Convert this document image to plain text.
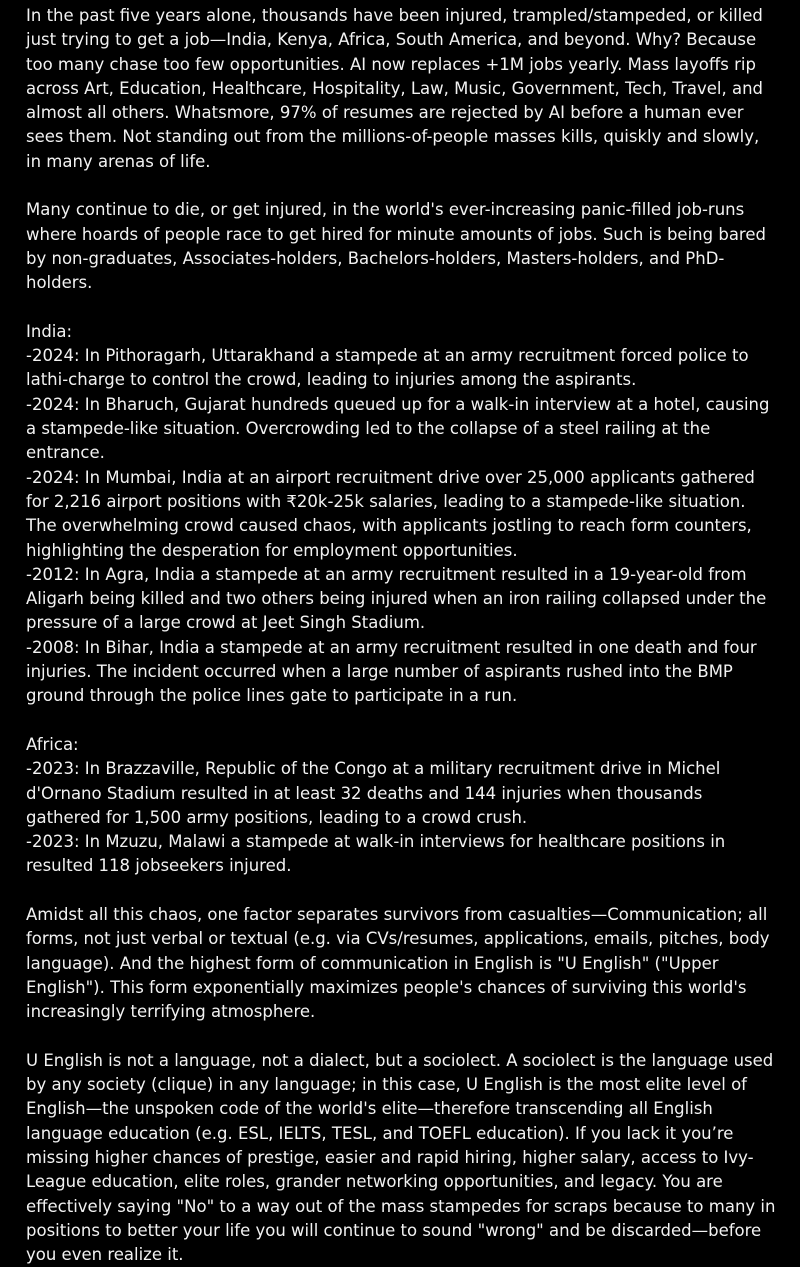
In the past five years alone, thousands have been injured, trampled/stampeded, or killed just trying to get a job—India, Kenya, Africa, South America, and beyond. Why? Because too many chase too few opportunities. AI now replaces +1M jobs yearly. Mass layoffs rip across Art, Education, Healthcare, Hospitality, Law, Music, Government, Tech, Travel, and almost all others. Whatsmore, 97% of resumes are rejected by AI before a human ever sees them. Not standing out from the millions-of-people masses kills, quiskly and slowly, in many arenas of life.

Many continue to die, or get injured, in the world's ever-increasing panic-filled job-runs where hoards of people race to get hired for minute amounts of jobs. Such is being bared by non-graduates, Associates-holders, Bachelors-holders, Masters-holders, and PhD-holders.

India:
-2024: In Pithoragarh, Uttarakhand a stampede at an army recruitment forced police to lathi-charge to control the crowd, leading to injuries among the aspirants.
-2024: In Bharuch, Gujarat hundreds queued up for a walk-in interview at a hotel, causing a stampede-like situation. Overcrowding led to the collapse of a steel railing at the entrance.
-2024: In Mumbai, India at an airport recruitment drive over 25,000 applicants gathered for 2,216 airport positions with ₹20k-25k salaries, leading to a stampede-like situation. The overwhelming crowd caused chaos, with applicants jostling to reach form counters, highlighting the desperation for employment opportunities.
-2012: In Agra, India a stampede at an army recruitment resulted in a 19-year-old from Aligarh being killed and two others being injured when an iron railing collapsed under the pressure of a large crowd at Jeet Singh Stadium.
-2008: In Bihar, India a stampede at an army recruitment resulted in one death and four injuries. The incident occurred when a large number of aspirants rushed into the BMP ground through the police lines gate to participate in a run.

Africa:
-2023: In Brazzaville, Republic of the Congo at a military recruitment drive in Michel d'Ornano Stadium resulted in at least 32 deaths and 144 injuries when thousands gathered for 1,500 army positions, leading to a crowd crush.
-2023: In Mzuzu, Malawi a stampede at walk-in interviews for healthcare positions in resulted 118 jobseekers injured.

Amidst all this chaos, one factor separates survivors from casualties—Communication; all forms, not just verbal or textual (e.g. via CVs/resumes, applications, emails, pitches, body language). And the highest form of communication in English is "U English" ("Upper English"). This form exponentially maximizes people's chances of surviving this world's increasingly terrifying atmosphere.

U English is not a language, not a dialect, but a sociolect. A sociolect is the language used by any society (clique) in any language; in this case, U English is the most elite level of English—the unspoken code of the world's elite—therefore transcending all English language education (e.g. ESL, IELTS, TESL, and TOEFL education). If you lack it you’re missing higher chances of prestige, easier and rapid hiring, higher salary, access to Ivy-League education, elite roles, grander networking opportunities, and legacy. You are effectively saying "No" to a way out of the mass stampedes for scraps because to many in positions to better your life you will continue to sound "wrong" and be discarded—before you even realize it.
